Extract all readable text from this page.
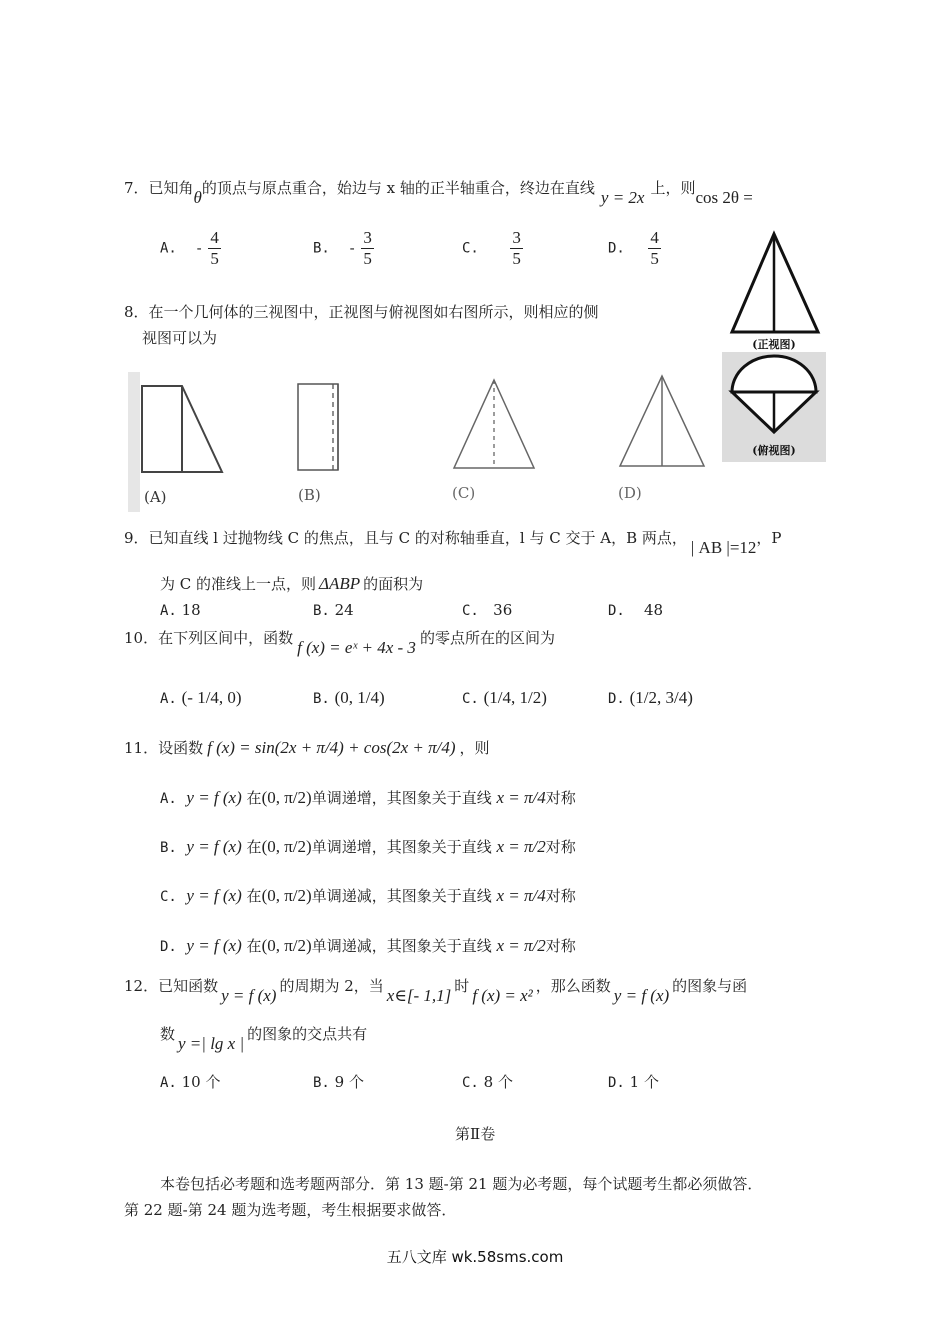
7．已知角θ的顶点与原点重合，始边与 x 轴的正半轴重合，终边在直线 y = 2x 上，则cos 2θ =
A. - $\frac{4}{5}$	B. - $\frac{3}{5}$	C. $\frac{3}{5}$	D. $\frac{4}{5}$
(正视图)
(俯视图)
8．在一个几何体的三视图中，正视图与俯视图如右图所示，则相应的侧
视图可以为
(A)	(B)	(C)	(D)
9．已知直线 l 过抛物线 C 的焦点，且与 C 的对称轴垂直，l 与 C 交于 A，B 两点， | AB |=12，P
为 C 的准线上一点，则 ΔABP 的面积为
A. 18	B. 24	C. 36	D. 48
10．在下列区间中，函数 f (x) = eˣ + 4x - 3 的零点所在的区间为
A. (- 1/4, 0)	B. (0, 1/4)	C. (1/4, 1/2)	D. (1/2, 3/4)
11．设函数 f (x) = sin(2x + π/4) + cos(2x + π/4) ，则
A. y = f (x) 在(0, π/2)单调递增，其图象关于直线 x = π/4对称
B. y = f (x) 在(0, π/2)单调递增，其图象关于直线 x = π/2对称
C. y = f (x) 在(0, π/2)单调递减，其图象关于直线 x = π/4对称
D. y = f (x) 在(0, π/2)单调递减，其图象关于直线 x = π/2对称
12．已知函数 y = f (x) 的周期为 2，当 x∈[- 1,1] 时 f (x) = x² ，那么函数 y = f (x) 的图象与函
数 y =| lg x | 的图象的交点共有
A. 10 个	B. 9 个	C. 8 个	D. 1 个
第Ⅱ卷
本卷包括必考题和选考题两部分．第 13 题-第 21 题为必考题，每个试题考生都必须做答．
第 22 题-第 24 题为选考题，考生根据要求做答．
五八文库 wk.58sms.com
